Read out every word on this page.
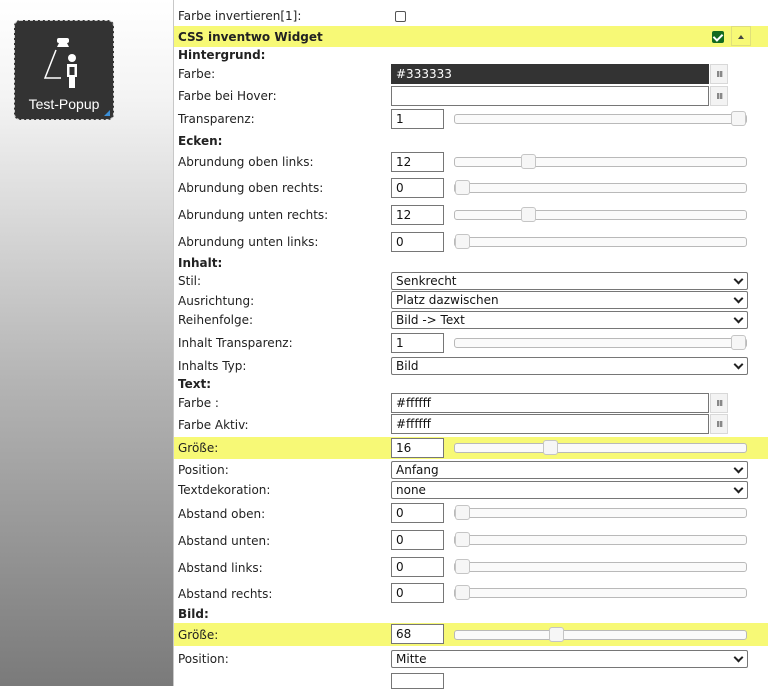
Test-Popup
Farbe invertieren[1]:
CSS inventwo Widget
Hintergrund:
Farbe:	#333333
Farbe bei Hover:
Transparenz:	1
Ecken:
Abrundung oben links:	12
Abrundung oben rechts:	0
Abrundung unten rechts:	12
Abrundung unten links:	0
Inhalt:
Stil:	Senkrecht
Ausrichtung:	Platz dazwischen
Reihenfolge:	Bild -> Text
Inhalt Transparenz:	1
Inhalts Typ:	Bild
Text:
Farbe :	#ffffff
Farbe Aktiv:	#ffffff
Größe:	16
Position:	Anfang
Textdekoration:	none
Abstand oben:	0
Abstand unten:	0
Abstand links:	0
Abstand rechts:	0
Bild:
Größe:	68
Position:	Mitte
